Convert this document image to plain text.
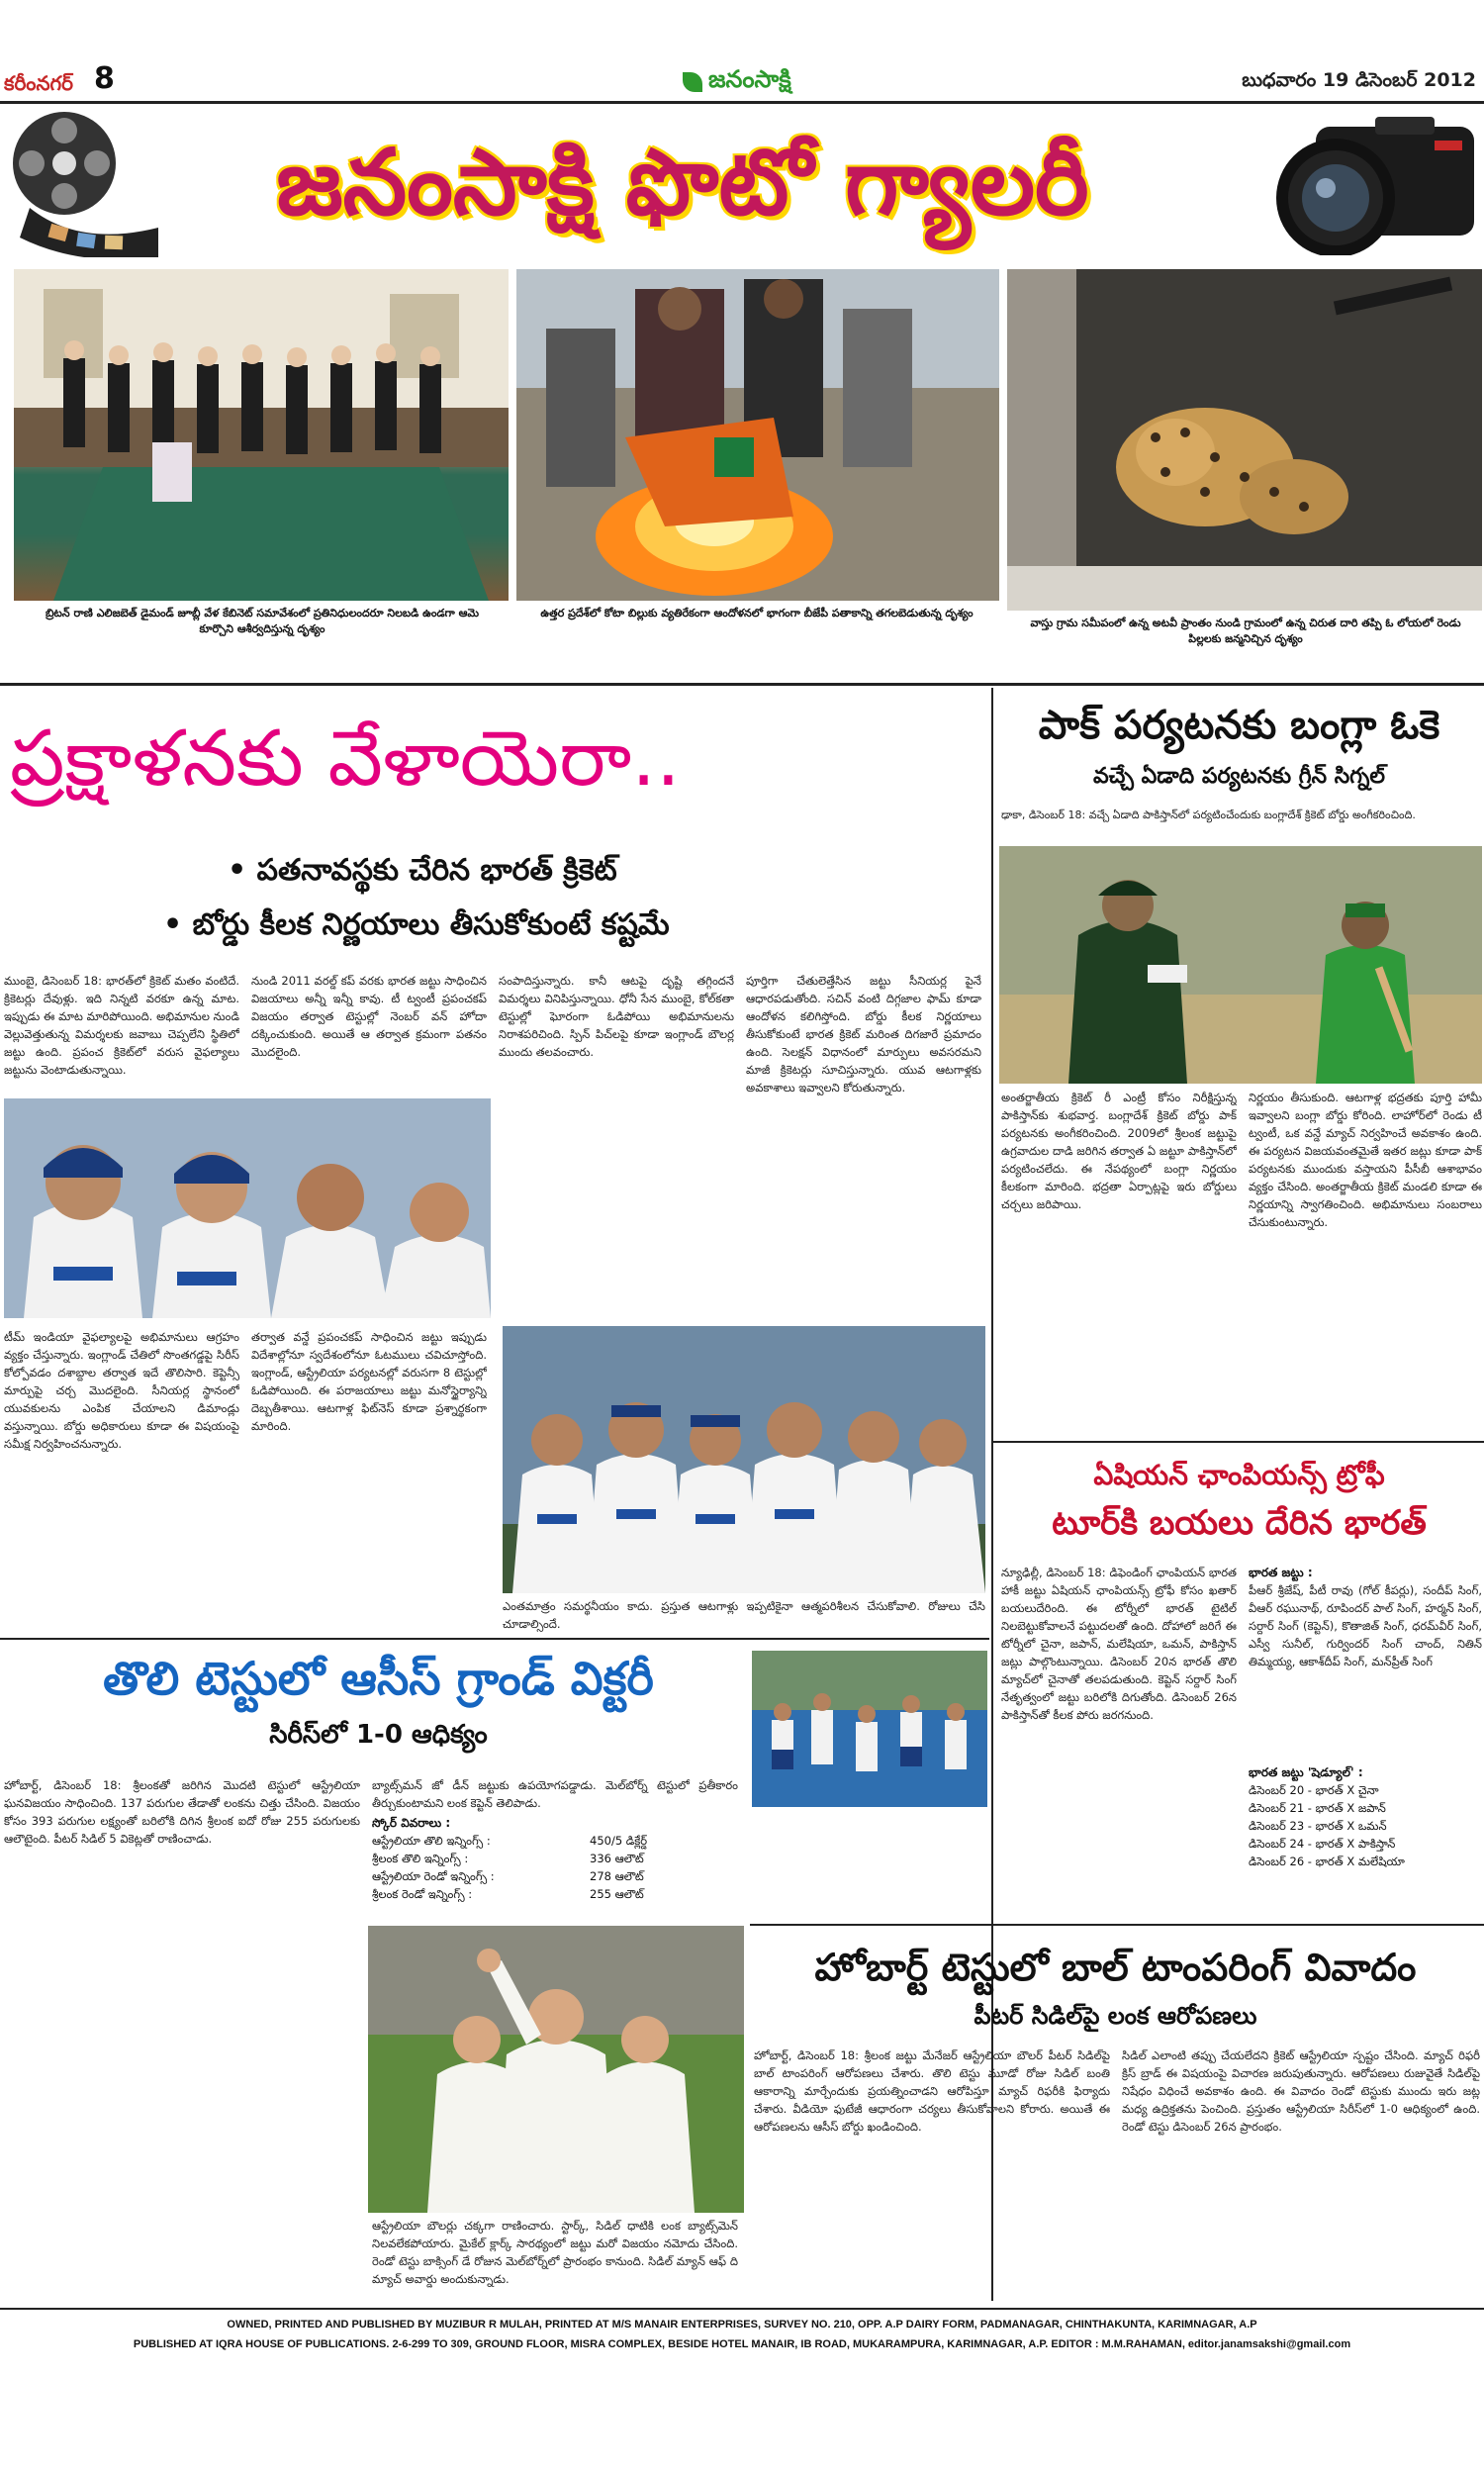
కరీంనగర్ 8	జనంసాక్షి	బుధవారం 19 డిసెంబర్ 2012
జనంసాక్షి ఫొటో గ్యాలరీ
బ్రిటన్ రాణి ఎలిజబెత్ డైమండ్ జూబ్లీ వేళ కేబినెట్ సమావేశంలో ప్రతినిధులందరూ నిలబడి ఉండగా ఆమె కూర్చొని ఆశీర్వదిస్తున్న దృశ్యం
ఉత్తర ప్రదేశ్‌లో కోటా బిల్లుకు వ్యతిరేకంగా ఆందోళనలో భాగంగా బీజేపీ పతాకాన్ని తగలబెడుతున్న దృశ్యం
వాస్తు గ్రామ సమీపంలో ఉన్న అటవీ ప్రాంతం నుండి గ్రామంలో ఉన్న చిరుత దారి తప్పి ఓ లోయలో రెండు పిల్లలకు జన్మనిచ్చిన దృశ్యం
ప్రక్షాళనకు వేళాయెరా..
• పతనావస్థకు చేరిన భారత్ క్రికెట్
• బోర్డు కీలక నిర్ణయాలు తీసుకోకుంటే కష్టమే
ముంబై, డిసెంబర్ 18: భారత్‌లో క్రికెట్ మతం వంటిదే. క్రికెటర్లు దేవుళ్లు. ఇది నిన్నటి వరకూ ఉన్న మాట. ఇప్పుడు ఈ మాట మారిపోయింది. అభిమానుల నుండి వెల్లువెత్తుతున్న విమర్శలకు జవాబు చెప్పలేని స్థితిలో జట్టు ఉంది. ప్రపంచ క్రికెట్‌లో వరుస వైఫల్యాలు జట్టును వెంటాడుతున్నాయి.
నుండి 2011 వరల్డ్ కప్ వరకు భారత జట్టు సాధించిన విజయాలు అన్నీ ఇన్నీ కావు. టీ ట్వంటీ ప్రపంచకప్ విజయం తర్వాత టెస్టుల్లో నెంబర్ వన్ హోదా దక్కించుకుంది. అయితే ఆ తర్వాత క్రమంగా పతనం మొదలైంది.
సంపాదిస్తున్నారు. కానీ ఆటపై దృష్టి తగ్గిందనే విమర్శలు వినిపిస్తున్నాయి. ధోనీ సేన ముంబై, కోల్‌కతా టెస్టుల్లో ఘోరంగా ఓడిపోయి అభిమానులను నిరాశపరిచింది. స్పిన్ పిచ్‌లపై కూడా ఇంగ్లాండ్ బౌలర్ల ముందు తలవంచారు.
పూర్తిగా చేతులెత్తేసిన జట్టు సీనియర్ల పైనే ఆధారపడుతోంది. సచిన్ వంటి దిగ్గజాల ఫామ్ కూడా ఆందోళన కలిగిస్తోంది. బోర్డు కీలక నిర్ణయాలు తీసుకోకుంటే భారత క్రికెట్ మరింత దిగజారే ప్రమాదం ఉంది. సెలక్షన్ విధానంలో మార్పులు అవసరమని మాజీ క్రికెటర్లు సూచిస్తున్నారు. యువ ఆటగాళ్లకు అవకాశాలు ఇవ్వాలని కోరుతున్నారు.
టీమ్ ఇండియా వైఫల్యాలపై అభిమానులు ఆగ్రహం వ్యక్తం చేస్తున్నారు. ఇంగ్లాండ్ చేతిలో సొంతగడ్డపై సిరీస్ కోల్పోవడం దశాబ్దాల తర్వాత ఇదే తొలిసారి. కెప్టెన్సీ మార్పుపై చర్చ మొదలైంది. సీనియర్ల స్థానంలో యువకులను ఎంపిక చేయాలని డిమాండ్లు వస్తున్నాయి. బోర్డు అధికారులు కూడా ఈ విషయంపై సమీక్ష నిర్వహించనున్నారు.
తర్వాత వన్డే ప్రపంచకప్ సాధించిన జట్టు ఇప్పుడు విదేశాల్లోనూ స్వదేశంలోనూ ఓటములు చవిచూస్తోంది. ఇంగ్లాండ్, ఆస్ట్రేలియా పర్యటనల్లో వరుసగా 8 టెస్టుల్లో ఓడిపోయింది. ఈ పరాజయాలు జట్టు మనోస్థైర్యాన్ని దెబ్బతీశాయి. ఆటగాళ్ల ఫిట్‌నెస్ కూడా ప్రశ్నార్థకంగా మారింది.
ఎంతమాత్రం సమర్థనీయం కాదు. ప్రస్తుత ఆటగాళ్లు ఇప్పటికైనా ఆత్మపరిశీలన చేసుకోవాలి. రోజులు చేసి చూడాల్సిందే.
తొలి టెస్టులో ఆసీస్ గ్రాండ్ విక్టరీ
సిరీస్‌లో 1-0 ఆధిక్యం
హోబార్ట్, డిసెంబర్ 18: శ్రీలంకతో జరిగిన మొదటి టెస్టులో ఆస్ట్రేలియా ఘనవిజయం సాధించింది. 137 పరుగుల తేడాతో లంకను చిత్తు చేసింది. విజయం కోసం 393 పరుగుల లక్ష్యంతో బరిలోకి దిగిన శ్రీలంక ఐదో రోజు 255 పరుగులకు ఆలౌటైంది. పీటర్ సిడిల్ 5 వికెట్లతో రాణించాడు.
బ్యాట్స్‌మన్ జో డీన్ జట్టుకు ఉపయోగపడ్డాడు. మెల్‌బోర్న్ టెస్టులో ప్రతీకారం తీర్చుకుంటామని లంక కెప్టెన్ తెలిపాడు.
స్కోర్ వివరాలు :
ఆస్ట్రేలియా తొలి ఇన్నింగ్స్ :	450/5 డిక్లేర్డ్
శ్రీలంక తొలి ఇన్నింగ్స్ :	336 ఆలౌట్
ఆస్ట్రేలియా రెండో ఇన్నింగ్స్ :	278 ఆలౌట్
శ్రీలంక రెండో ఇన్నింగ్స్ :	255 ఆలౌట్
ఆస్ట్రేలియా బౌలర్లు చక్కగా రాణించారు. స్టార్క్, సిడిల్ ధాటికి లంక బ్యాట్స్‌మెన్ నిలవలేకపోయారు. మైకేల్ క్లార్క్ సారథ్యంలో జట్టు మరో విజయం నమోదు చేసింది. రెండో టెస్టు బాక్సింగ్ డే రోజున మెల్‌బోర్న్‌లో ప్రారంభం కానుంది. సిడిల్ మ్యాన్ ఆఫ్ ది మ్యాచ్ అవార్డు అందుకున్నాడు.
పాక్ పర్యటనకు బంగ్లా ఓకె
వచ్చే ఏడాది పర్యటనకు గ్రీన్ సిగ్నల్
ఢాకా, డిసెంబర్ 18: వచ్చే ఏడాది పాకిస్తాన్‌లో పర్యటించేందుకు బంగ్లాదేశ్ క్రికెట్ బోర్డు అంగీకరించింది.
అంతర్జాతీయ క్రికెట్ రీ ఎంట్రీ కోసం నిరీక్షిస్తున్న పాకిస్తాన్‌కు శుభవార్త. బంగ్లాదేశ్ క్రికెట్ బోర్డు పాక్ పర్యటనకు అంగీకరించింది. 2009లో శ్రీలంక జట్టుపై ఉగ్రవాదుల దాడి జరిగిన తర్వాత ఏ జట్టూ పాకిస్తాన్‌లో పర్యటించలేదు. ఈ నేపథ్యంలో బంగ్లా నిర్ణయం కీలకంగా మారింది. భద్రతా ఏర్పాట్లపై ఇరు బోర్డులు చర్చలు జరిపాయి.
నిర్ణయం తీసుకుంది. ఆటగాళ్ల భద్రతకు పూర్తి హామీ ఇవ్వాలని బంగ్లా బోర్డు కోరింది. లాహోర్‌లో రెండు టీ ట్వంటీ, ఒక వన్డే మ్యాచ్ నిర్వహించే అవకాశం ఉంది. ఈ పర్యటన విజయవంతమైతే ఇతర జట్లు కూడా పాక్ పర్యటనకు ముందుకు వస్తాయని పీసీబీ ఆశాభావం వ్యక్తం చేసింది. అంతర్జాతీయ క్రికెట్ మండలి కూడా ఈ నిర్ణయాన్ని స్వాగతించింది. అభిమానులు సంబరాలు చేసుకుంటున్నారు.
ఏషియన్ ఛాంపియన్స్ ట్రోఫీ
టూర్‌కి బయలు దేరిన భారత్
న్యూఢిల్లీ, డిసెంబర్ 18: డిఫెండింగ్ ఛాంపియన్ భారత హాకీ జట్టు ఏషియన్ ఛాంపియన్స్ ట్రోఫీ కోసం ఖతార్ బయలుదేరింది. ఈ టోర్నీలో భారత్ టైటిల్ నిలబెట్టుకోవాలనే పట్టుదలతో ఉంది. దోహాలో జరిగే ఈ టోర్నీలో చైనా, జపాన్, మలేషియా, ఒమన్, పాకిస్తాన్ జట్లు పాల్గొంటున్నాయి. డిసెంబర్ 20న భారత్ తొలి మ్యాచ్‌లో చైనాతో తలపడుతుంది. కెప్టెన్ సర్దార్ సింగ్ నేతృత్వంలో జట్టు బరిలోకి దిగుతోంది. డిసెంబర్ 26న పాకిస్తాన్‌తో కీలక పోరు జరగనుంది.
భారత జట్టు :
పీఆర్ శ్రీజేష్, పీటీ రావు (గోల్ కీపర్లు), సందీప్ సింగ్, వీఆర్ రఘునాథ్, రూపిందర్ పాల్ సింగ్, హర్మన్ సింగ్, సర్దార్ సింగ్ (కెప్టెన్), కొతాజిత్ సింగ్, ధరమ్‌వీర్ సింగ్, ఎస్వీ సునీల్, గుర్విందర్ సింగ్ చాంద్, నితిన్ తిమ్మయ్య, ఆకాశ్‌దీప్ సింగ్, మన్‌ప్రీత్ సింగ్
భారత జట్టు 'షెడ్యూల్' :
డిసెంబర్ 20 - భారత్ X చైనా
డిసెంబర్ 21 - భారత్ X జపాన్
డిసెంబర్ 23 - భారత్ X ఒమన్
డిసెంబర్ 24 - భారత్ X పాకిస్తాన్
డిసెంబర్ 26 - భారత్ X మలేషియా
హోబార్ట్ టెస్టులో బాల్ టాంపరింగ్ వివాదం
పీటర్ సిడిల్‌పై లంక ఆరోపణలు
హోబార్ట్, డిసెంబర్ 18: శ్రీలంక జట్టు మేనేజర్ ఆస్ట్రేలియా బౌలర్ పీటర్ సిడిల్‌పై బాల్ టాంపరింగ్ ఆరోపణలు చేశారు. తొలి టెస్టు మూడో రోజు సిడిల్ బంతి ఆకారాన్ని మార్చేందుకు ప్రయత్నించాడని ఆరోపిస్తూ మ్యాచ్ రిఫరీకి ఫిర్యాదు చేశారు. వీడియో ఫుటేజీ ఆధారంగా చర్యలు తీసుకోవాలని కోరారు. అయితే ఈ ఆరోపణలను ఆసీస్ బోర్డు ఖండించింది.
సిడిల్ ఎలాంటి తప్పు చేయలేదని క్రికెట్ ఆస్ట్రేలియా స్పష్టం చేసింది. మ్యాచ్ రిఫరీ క్రిస్ బ్రాడ్ ఈ విషయంపై విచారణ జరుపుతున్నారు. ఆరోపణలు రుజువైతే సిడిల్‌పై నిషేధం విధించే అవకాశం ఉంది. ఈ వివాదం రెండో టెస్టుకు ముందు ఇరు జట్ల మధ్య ఉద్రిక్తతను పెంచింది. ప్రస్తుతం ఆస్ట్రేలియా సిరీస్‌లో 1-0 ఆధిక్యంలో ఉంది. రెండో టెస్టు డిసెంబర్ 26న ప్రారంభం.
OWNED, PRINTED AND PUBLISHED BY MUZIBUR R MULAH, PRINTED AT M/S MANAIR ENTERPRISES, SURVEY NO. 210, OPP. A.P DAIRY FORM, PADMANAGAR, CHINTHAKUNTA, KARIMNAGAR, A.P
PUBLISHED AT IQRA HOUSE OF PUBLICATIONS. 2-6-299 TO 309, GROUND FLOOR, MISRA COMPLEX, BESIDE HOTEL MANAIR, IB ROAD, MUKARAMPURA, KARIMNAGAR, A.P. EDITOR : M.M.RAHAMAN, editor.janamsakshi@gmail.com
